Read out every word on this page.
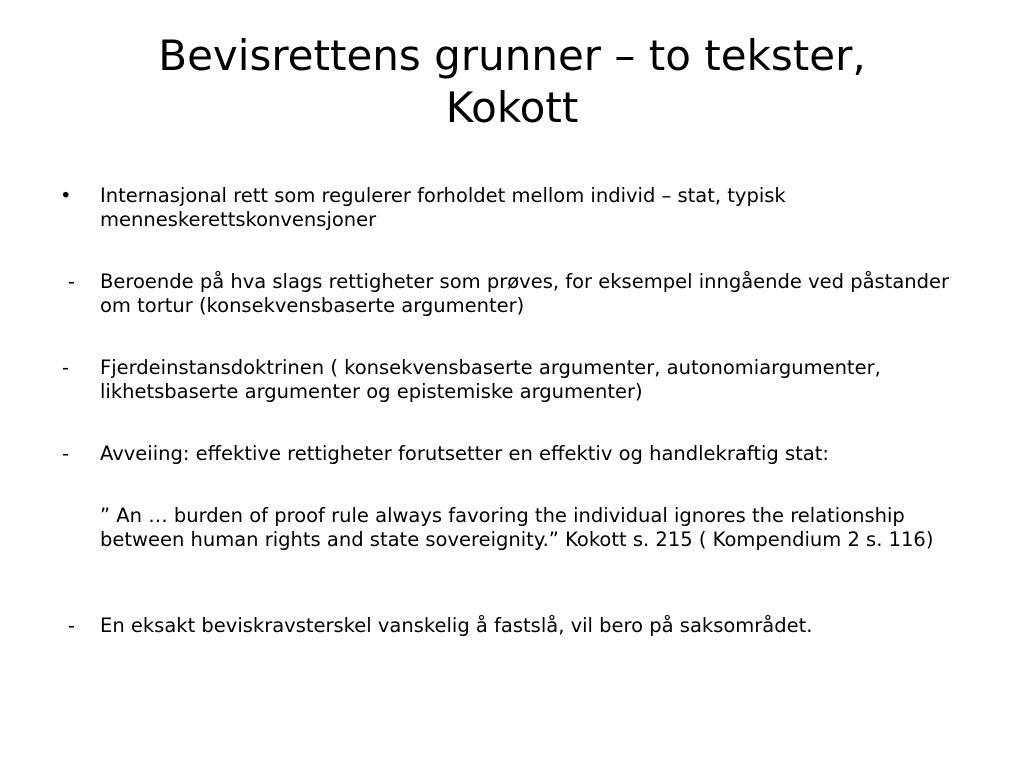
Bevisrettens grunner – to tekster,
Kokott
• Internasjonal rett som regulerer forholdet mellom individ – stat, typisk menneskerettskonvensjoner
- Beroende på hva slags rettigheter som prøves, for eksempel inngående ved påstander om tortur (konsekvensbaserte argumenter)
- Fjerdeinstansdoktrinen ( konsekvensbaserte argumenter, autonomiargumenter, likhetsbaserte argumenter og epistemiske argumenter)
- Avveiing: effektive rettigheter forutsetter en effektiv og handlekraftig stat:
” An … burden of proof rule always favoring the individual ignores the relationship between human rights and state sovereignity.” Kokott s. 215 ( Kompendium 2 s. 116)
- En eksakt beviskravsterskel vanskelig å fastslå, vil bero på saksområdet.
